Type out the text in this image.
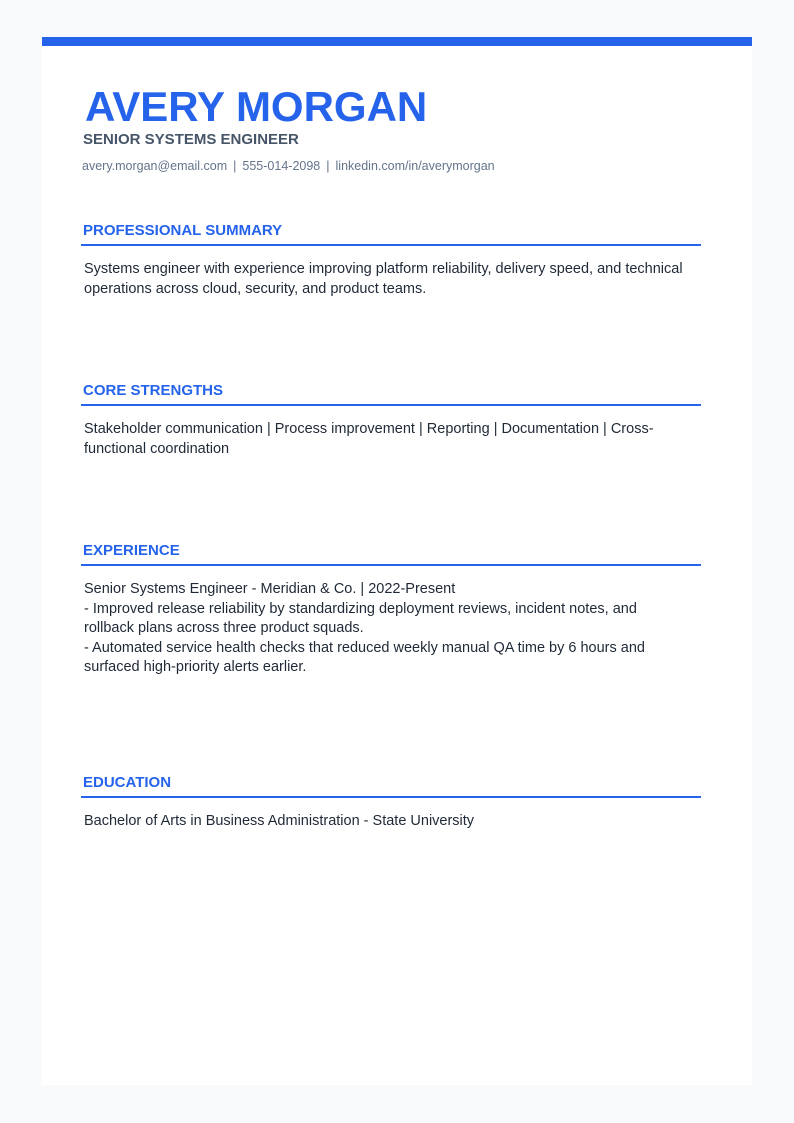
AVERY MORGAN
SENIOR SYSTEMS ENGINEER
avery.morgan@email.com | 555-014-2098 | linkedin.com/in/averymorgan
PROFESSIONAL SUMMARY

Systems engineer with experience improving platform reliability, delivery speed, and technical operations across cloud, security, and product teams.

CORE STRENGTHS

Stakeholder communication | Process improvement | Reporting | Documentation | Cross-functional coordination

EXPERIENCE

Senior Systems Engineer - Meridian & Co. | 2022-Present

- Improved release reliability by standardizing deployment reviews, incident notes, and rollback plans across three product squads.

- Automated service health checks that reduced weekly manual QA time by 6 hours and surfaced high-priority alerts earlier.

EDUCATION

Bachelor of Arts in Business Administration - State University
